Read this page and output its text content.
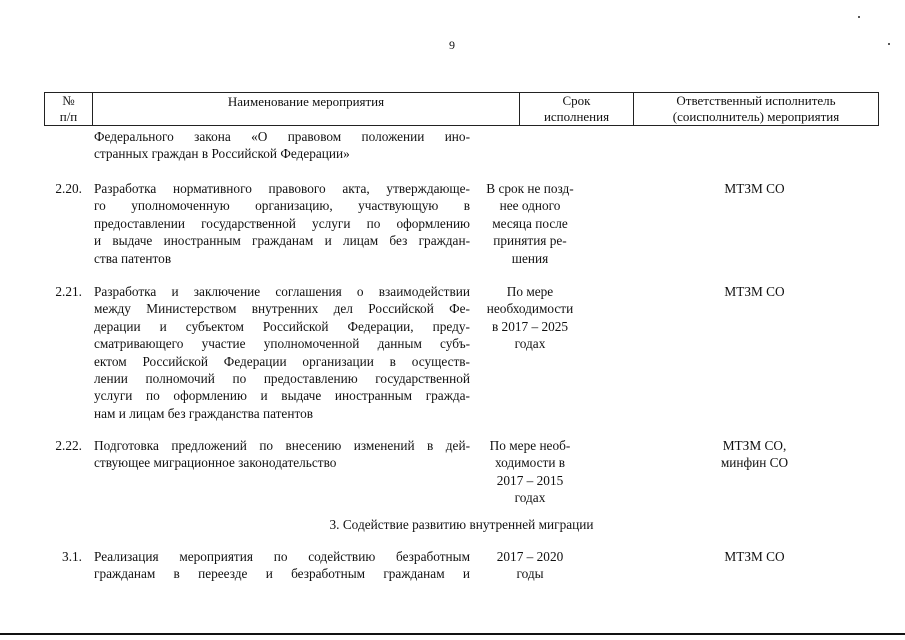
9
№
п/п
Наименование мероприятия	Срок
исполнения
Ответственный исполнитель
(соисполнитель) мероприятия
Федерального закона «О правовом положении ино-
странных граждан в Российской Федерации»
2.20. Разработка нормативного правового акта, утверждающе-
го уполномоченную организацию, участвующую в
предоставлении государственной услуги по оформлению
и выдаче иностранным гражданам и лицам без граждан-
ства патентов
В срок не позд-
нее одного
месяца после
принятия ре-
шения
МТЗМ СО
2.21. Разработка и заключение соглашения о взаимодействии
между Министерством внутренних дел Российской Фе-
дерации и субъектом Российской Федерации, преду-
сматривающего участие уполномоченной данным субъ-
ектом Российской Федерации организации в осуществ-
лении полномочий по предоставлению государственной
услуги по оформлению и выдаче иностранным гражда-
нам и лицам без гражданства патентов
По мере
необходимости
в 2017 – 2025
годах
МТЗМ СО
2.22. Подготовка предложений по внесению изменений в дей-
ствующее миграционное законодательство
По мере необ-
ходимости в
2017 – 2015
годах
МТЗМ СО,
минфин СО
3. Содействие развитию внутренней миграции
3.1. Реализация мероприятия по содействию безработным
гражданам в переезде и безработным гражданам и
2017 – 2020
годы
МТЗМ СО
